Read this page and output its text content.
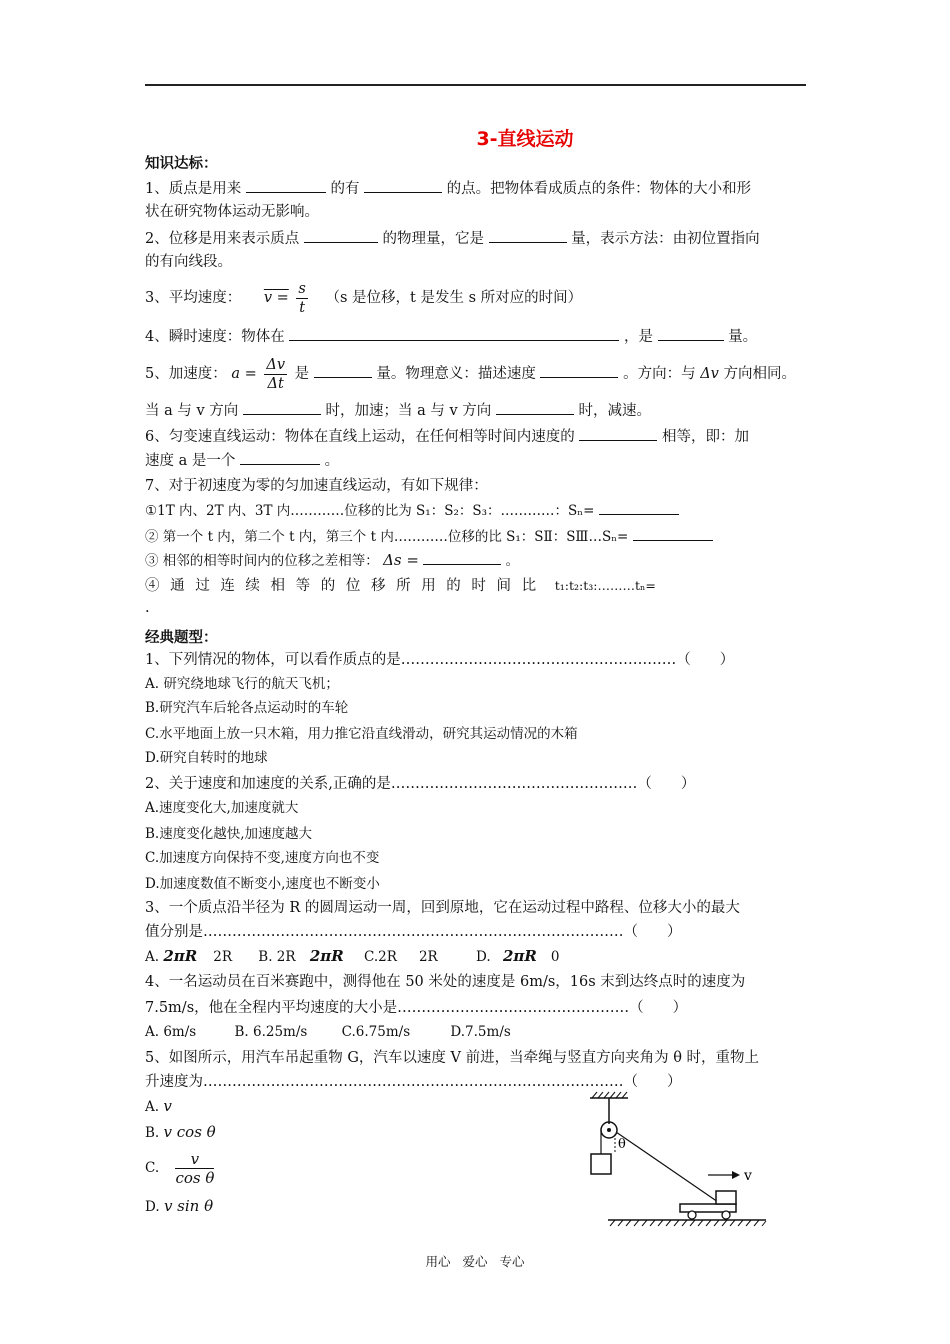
3-直线运动
知识达标：
1、质点是用来	的有	的点。把物体看成质点的条件：物体的大小和形
状在研究物体运动无影响。
2、位移是用来表示质点	的物理量，它是	量，表示方法：由初位置指向
的有向线段。
3、平均速度： $v = \frac{s}{t} (s$ 是位移，t 是发生 s 所对应的时间）
4、瞬时速度：物体在	，是	量。
5、加速度： $a = \frac{\Delta v}{\Delta t}$ 是	量。物理意义：描述速度	。方向：与 Δv 方向相同。
当 a 与 v 方向	时，加速；当 a 与 v 方向	时，减速。
6、匀变速直线运动：物体在直线上运动，在任何相等时间内速度的	相等，即：加
速度 a 是一个	。
7、对于初速度为零的匀加速直线运动，有如下规律：
①1T 内、2T 内、3T 内…………位移的比为 S₁：S₂：S₃：…………：Sₙ=
② 第一个 t 内，第二个 t 内，第三个 t 内…………位移的比 S₁：SⅡ：SⅢ…Sₙ=
③ 相邻的相等时间内的位移之差相等： Δs =	。
④ 通 过 连 续 相 等 的 位 移 所 用 的 时 间 比 t₁:t₂:t₃:………tₙ=
.
经典题型：
1、下列情况的物体，可以看作质点的是…………………………………………………（　　）
A. 研究绕地球飞行的航天飞机；
B.研究汽车后轮各点运动时的车轮
C.水平地面上放一只木箱，用力推它沿直线滑动，研究其运动情况的木箱
D.研究自转时的地球
2、关于速度和加速度的关系,正确的是……………………………………………（　　）
A.速度变化大,加速度就大
B.速度变化越快,加速度越大
C.加速度方向保持不变,速度方向也不变
D.加速度数值不断变小,速度也不断变小
3、一个质点沿半径为 R 的圆周运动一周，回到原地，它在运动过程中路程、位移大小的最大
值分别是……………………………………………………………………………（　　）
A. 2πR 2R B. 2R 2πR C.2R 2R	D. 2πR 0
4、一名运动员在百米赛跑中，测得他在 50 米处的速度是 6m/s，16s 末到达终点时的速度为
7.5m/s，他在全程内平均速度的大小是…………………………………………（　　）
A. 6m/s	B. 6.25m/s	C.6.75m/s	D.7.5m/s
5、如图所示，用汽车吊起重物 G，汽车以速度 V 前进，当牵绳与竖直方向夹角为 θ 时，重物上
升速度为……………………………………………………………………………（　　）
A. v
B. v cos θ
C. $\frac{v}{\text{cos θ}}$
D. v sin θ
θ
v
用心 爱心 专心
